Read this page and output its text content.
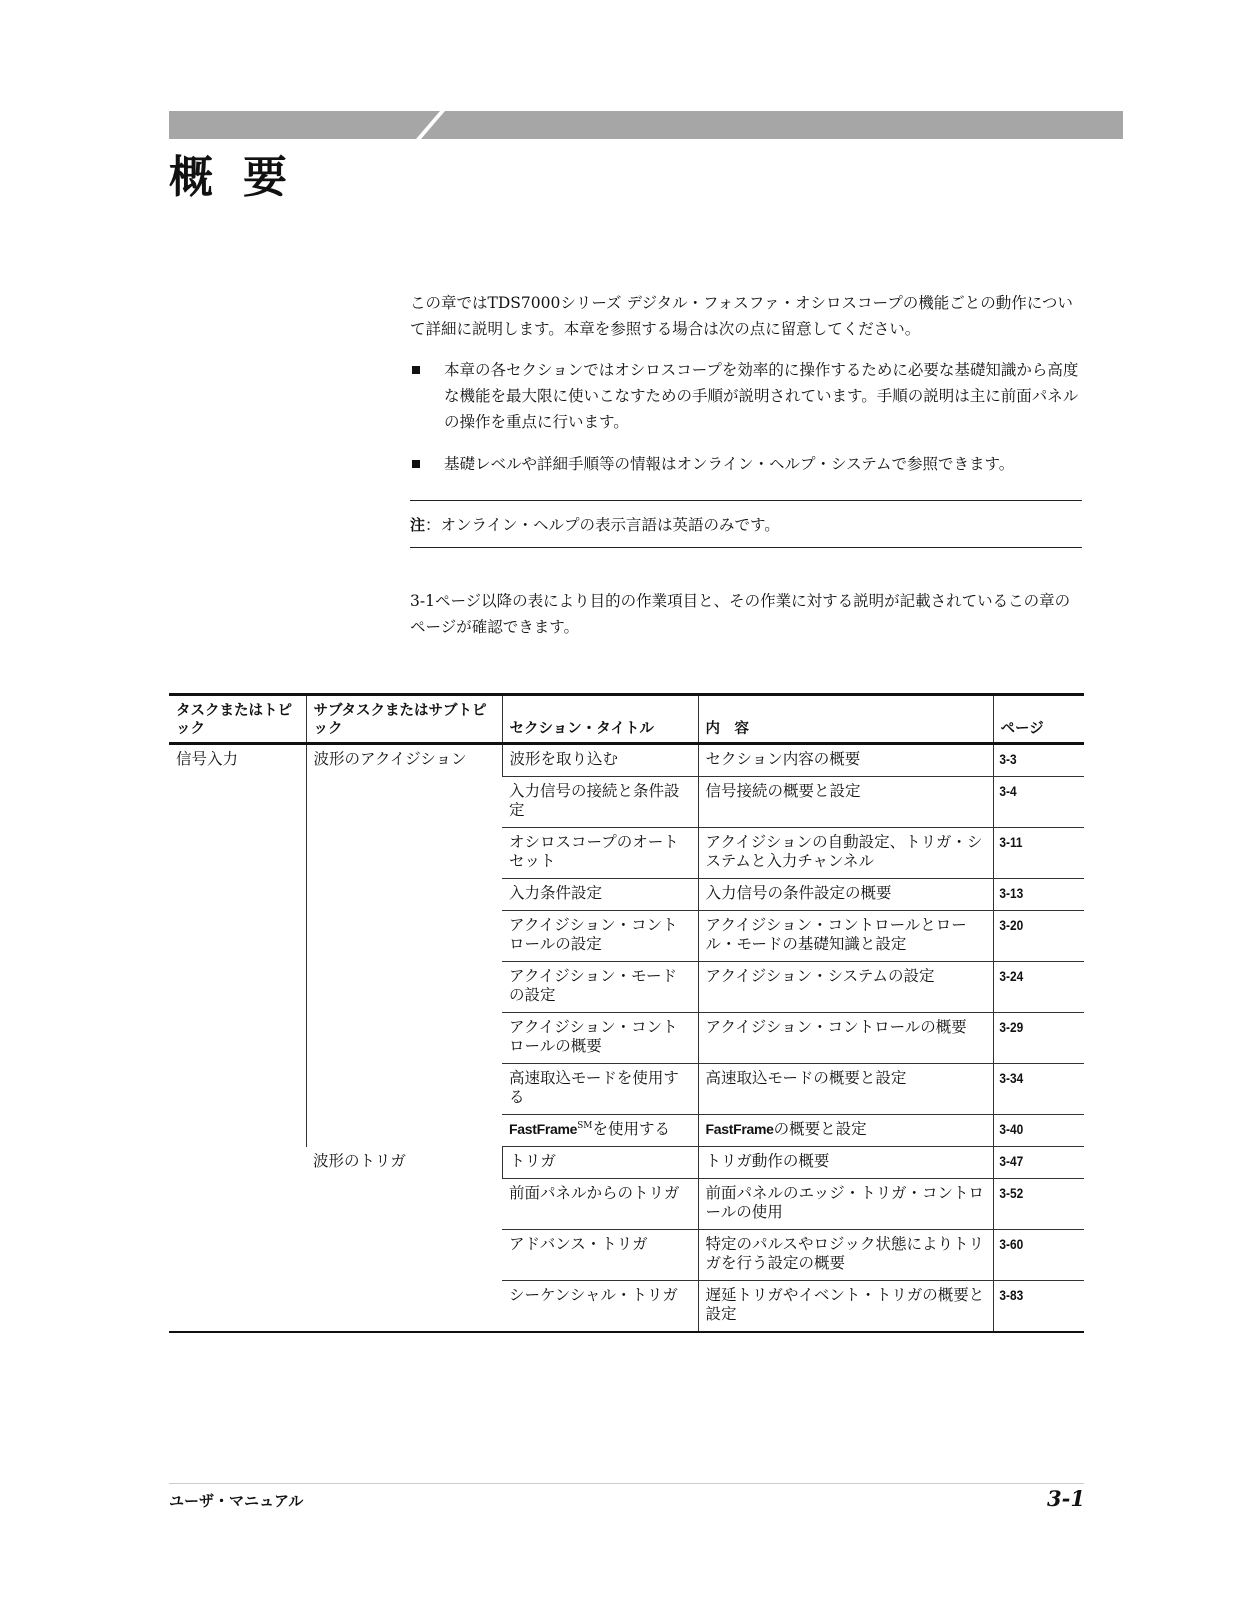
概要

この章ではTDS7000シリーズ デジタル・フォスファ・オシロスコープの機能ごとの動作について詳細に説明します。本章を参照する場合は次の点に留意してください。

本章の各セクションではオシロスコープを効率的に操作するために必要な基礎知識から高度な機能を最大限に使いこなすための手順が説明されています。手順の説明は主に前面パネルの操作を重点に行います。
基礎レベルや詳細手順等の情報はオンライン・ヘルプ・システムで参照できます。
注 ：オンライン・ヘルプの表示言語は英語のみです。

3-1ページ以降の表により目的の作業項目と、その作業に対する説明が記載されているこの章のページが確認できます。

タスクまたはトピック	サブタスクまたはサブトピック	セクション・タイトル	内　容	ページ
信号入力	波形のアクイジション	波形を取り込む	セクション内容の概要	3-3
		入力信号の接続と条件設定	信号接続の概要と設定	3-4
		オシロスコープのオートセット	アクイジションの自動設定、トリガ・システムと入力チャンネル	3-11
		入力条件設定	入力信号の条件設定の概要	3-13
		アクイジション・コントロールの設定	アクイジション・コントロールとロール・モードの基礎知識と設定	3-20
		アクイジション・モードの設定	アクイジション・システムの設定	3-24
		アクイジション・コントロールの概要	アクイジション・コントロールの概要	3-29
		高速取込モードを使用する	高速取込モードの概要と設定	3-34
		FastFrame℠を使用する	FastFrameの概要と設定	3-40
	波形のトリガ	トリガ	トリガ動作の概要	3-47
		前面パネルからのトリガ	前面パネルのエッジ・トリガ・コントロールの使用	3-52
		アドバンス・トリガ	特定のパルスやロジック状態によりトリガを行う設定の概要	3-60
		シーケンシャル・トリガ	遅延トリガやイベント・トリガの概要と設定	3-83
ユーザ・マニュアル	3-1
